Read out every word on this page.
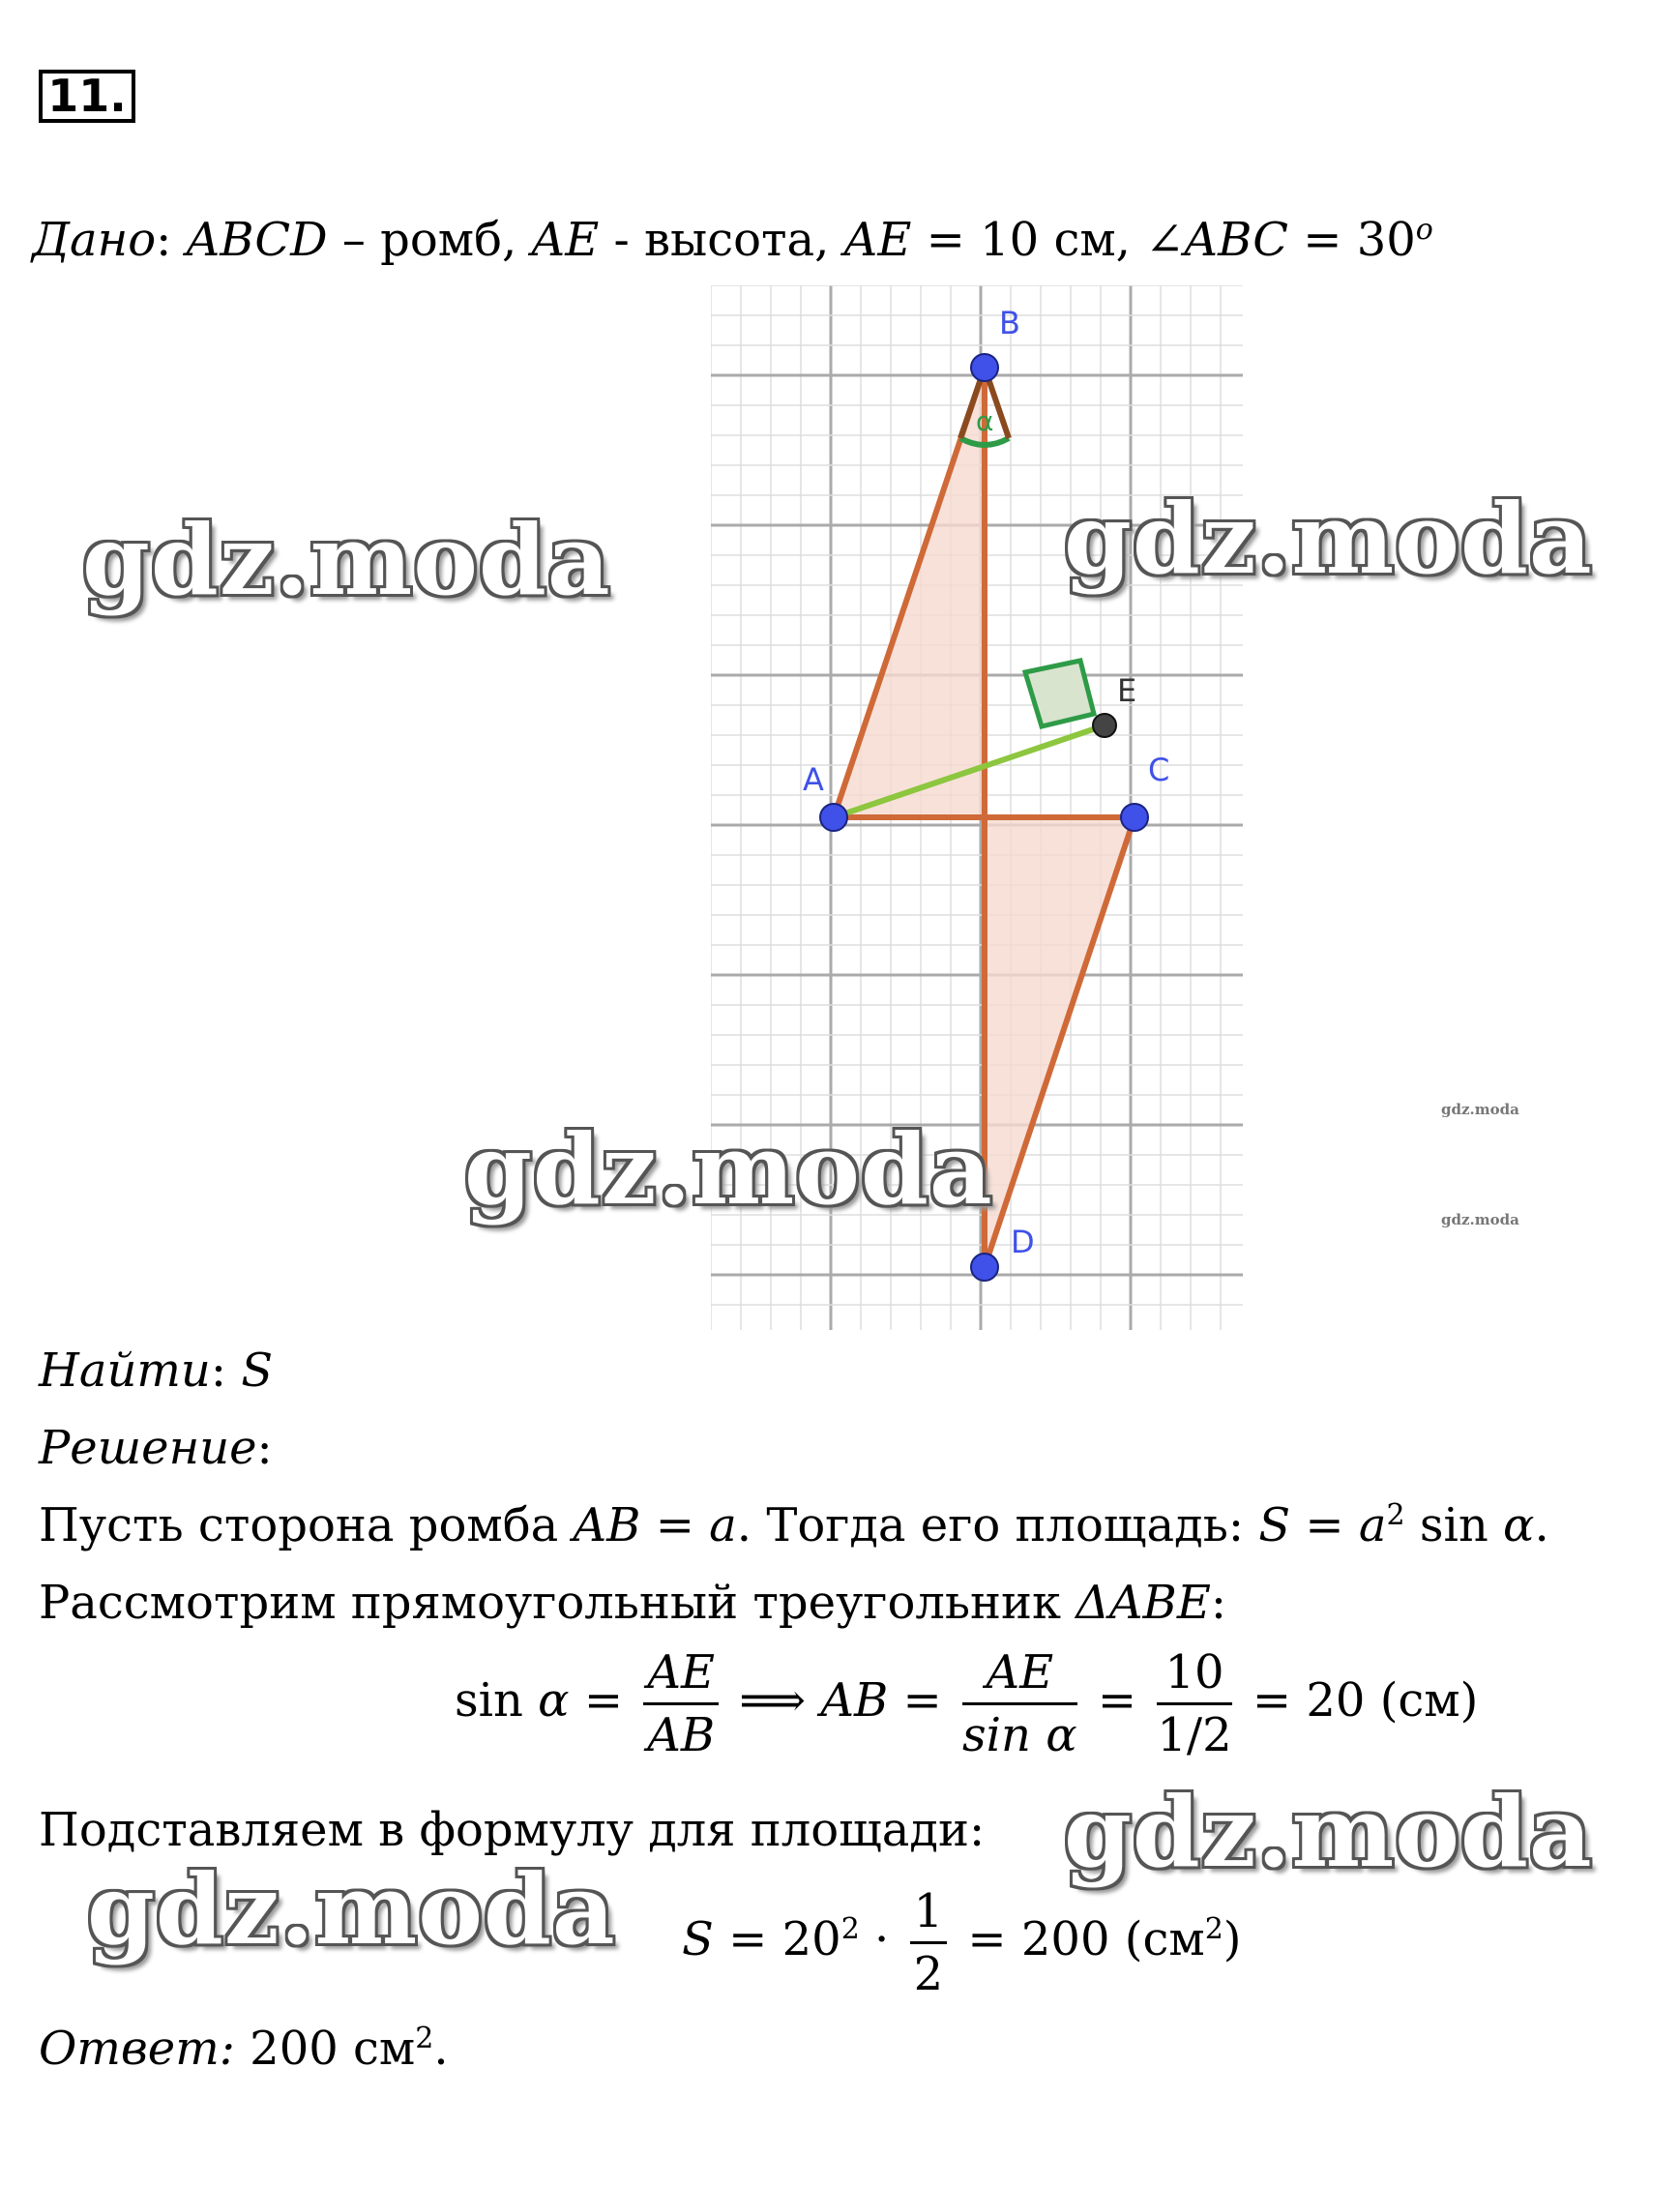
11.
Дано: ABCD – ромб, AE - высота, AE = 10 см, ∠ABC = $30^o$
α
A
B
C
D
E
gdz.moda	gdz.moda
gdz.moda
gdz.moda
gdz.moda
gdz.moda
gdz.moda
Найти: S
Решение:
Пусть сторона ромба AB = a. Тогда его площадь: $S = a^2$ sin α.
Рассмотрим прямоугольный треугольник ΔABE:
$\sin \alpha = \frac{AE}{AB}$ ⟹ AB = $\frac{AE}{\text{sin α}} = \frac{10}{1/2} = 20$ (см)
Подставляем в формулу для площади:
$S = 20^2 \cdot \frac{1}{2} = 200$ $(см^2)$
Ответ: 200 $см^2$.
